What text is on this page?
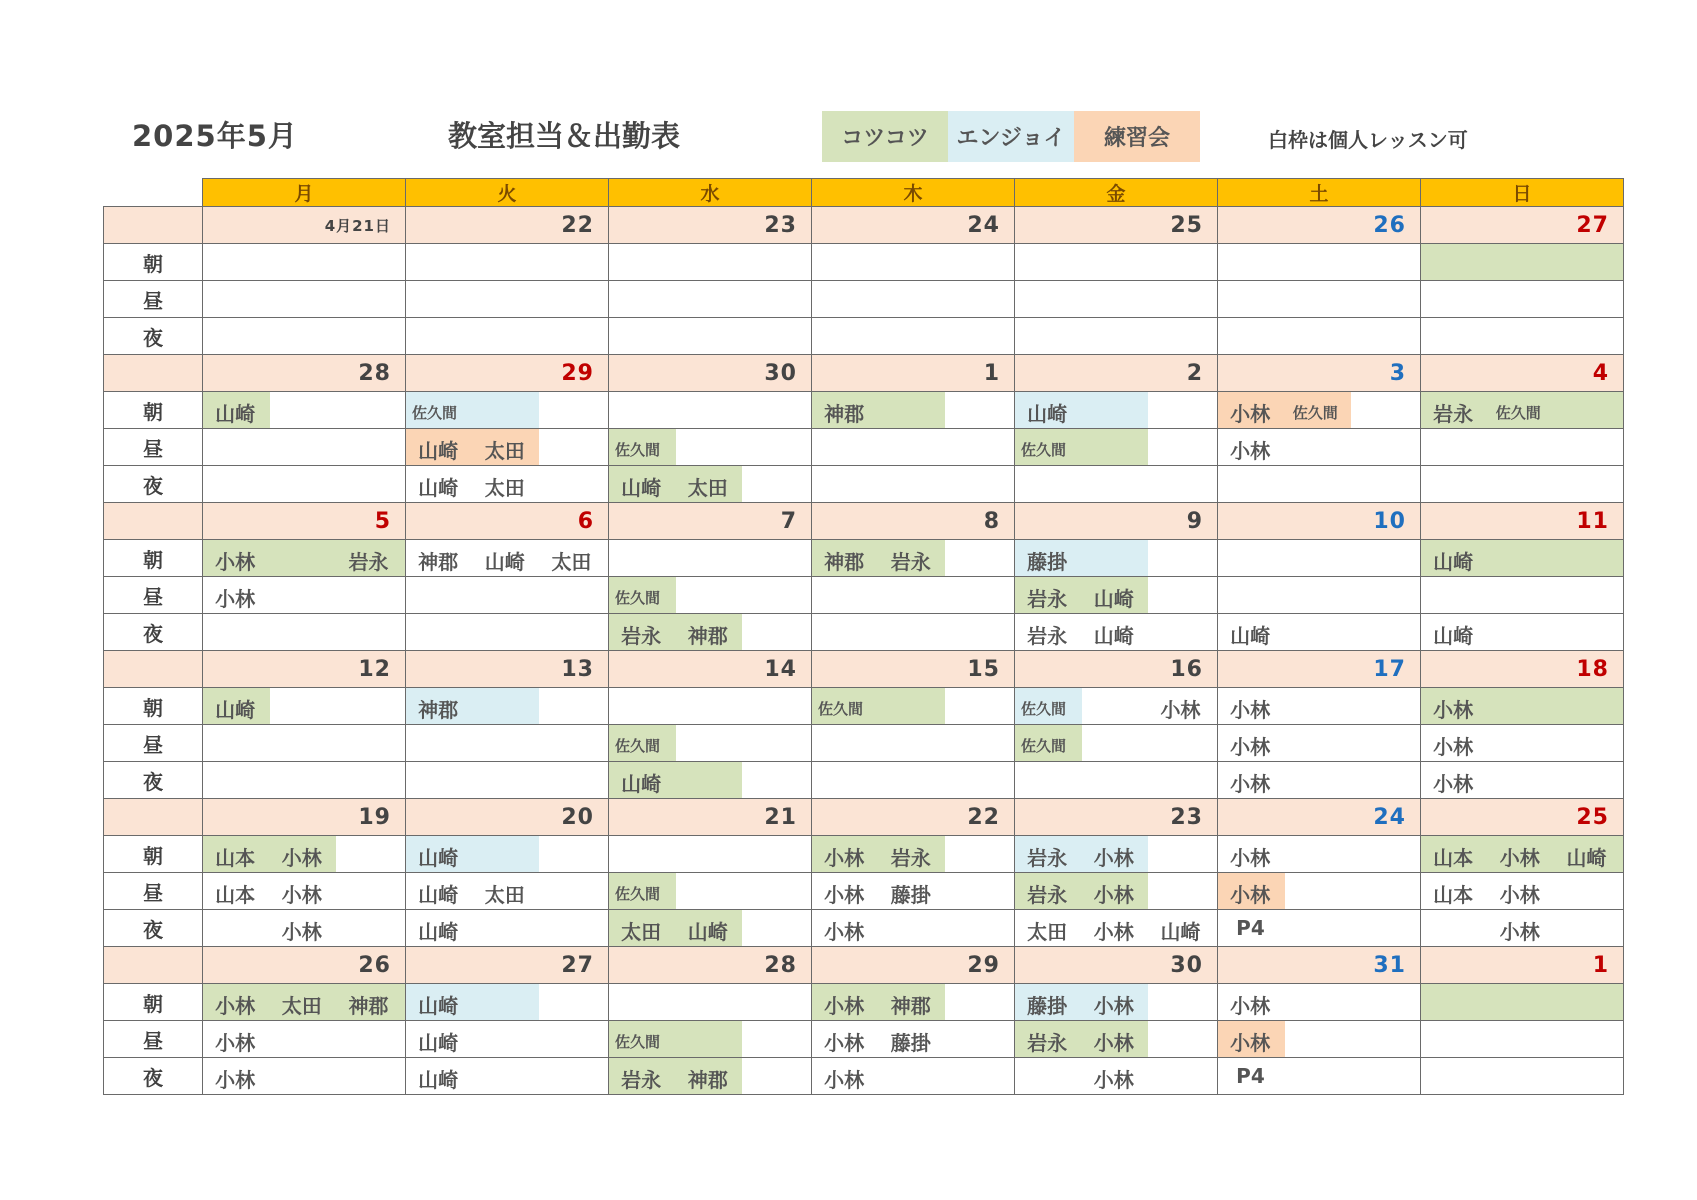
2025年5月	教室担当＆出勤表	コツコツ	エンジョイ	練習会	白枠は個人レッスン可
	月	火	水	木	金	土	日
	4月21日	22	23	24	25	26	27
朝							

昼							
夜							
	28	29	30	1	2	3	4
朝	山崎	佐久間		神郡	山崎	小林 佐久間	岩永 佐久間

昼		山崎 太田	佐久間		佐久間	小林	

夜		山崎 太田	山崎 太田				

	5	6	7	8	9	10	11
朝	小林 岩永	神郡 山崎 太田		神郡 岩永	藤掛		山崎

昼	小林		佐久間		岩永 山崎		

夜			岩永 神郡		岩永 山崎	山崎	山崎

	12	13	14	15	16	17	18
朝	山崎	神郡		佐久間	佐久間 小林	小林	小林

昼			佐久間		佐久間	小林	小林

夜			山崎			小林	小林

	19	20	21	22	23	24	25
朝	山本 小林	山崎		小林 岩永	岩永 小林	小林	山本 小林 山崎

昼	山本 小林	山崎 太田	佐久間	小林 藤掛	岩永 小林	小林	山本 小林

夜	小林	山崎	太田 山崎	小林	太田 小林 山崎	P4	小林

	26	27	28	29	30	31	1
朝	小林 太田 神郡	山崎		小林 神郡	藤掛 小林	小林	

昼	小林	山崎	佐久間	小林 藤掛	岩永 小林	小林	

夜	小林	山崎	岩永 神郡	小林	小林	P4	
